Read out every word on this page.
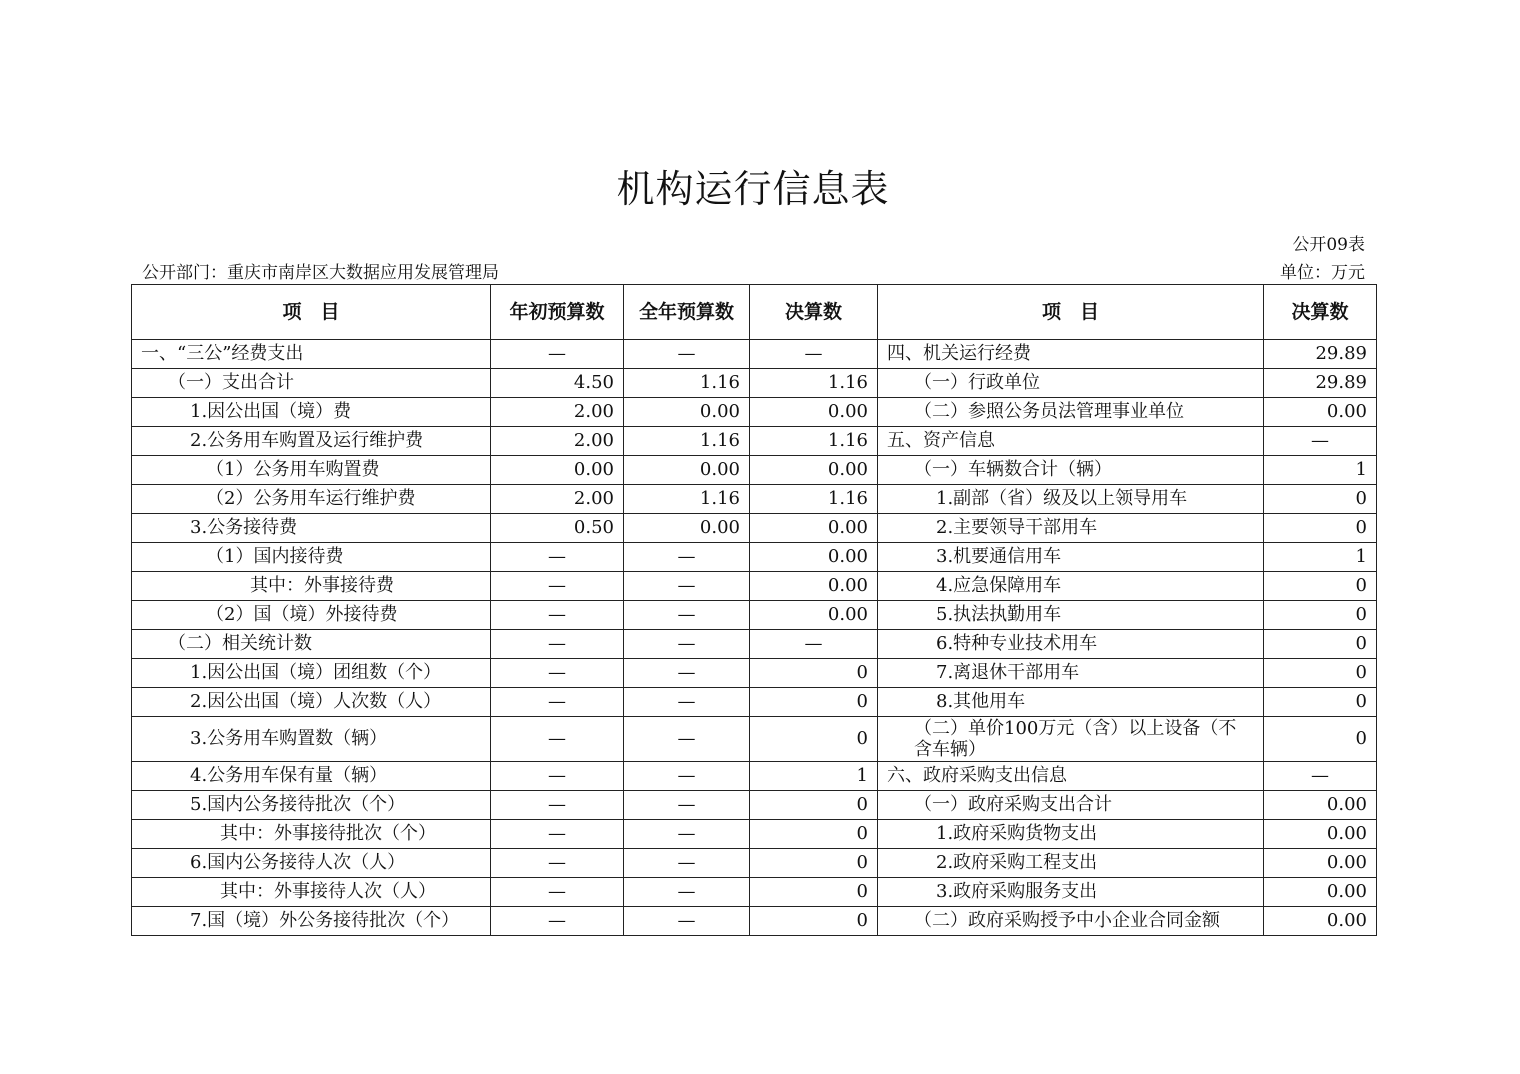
机构运行信息表
公开09表
公开部门：重庆市南岸区大数据应用发展管理局	单位：万元
项　目	年初预算数	全年预算数	决算数	项　目	决算数
一、“三公”经费支出	—	—	—	四、机关运行经费	29.89
（一）支出合计	4.50	1.16	1.16	（一）行政单位	29.89
1.因公出国（境）费	2.00	0.00	0.00	（二）参照公务员法管理事业单位	0.00
2.公务用车购置及运行维护费	2.00	1.16	1.16	五、资产信息	—
（1）公务用车购置费	0.00	0.00	0.00	（一）车辆数合计（辆）	1
（2）公务用车运行维护费	2.00	1.16	1.16	1.副部（省）级及以上领导用车	0
3.公务接待费	0.50	0.00	0.00	2.主要领导干部用车	0
（1）国内接待费	—	—	0.00	3.机要通信用车	1
其中：外事接待费	—	—	0.00	4.应急保障用车	0
（2）国（境）外接待费	—	—	0.00	5.执法执勤用车	0
（二）相关统计数	—	—	—	6.特种专业技术用车	0
1.因公出国（境）团组数（个）	—	—	0	7.离退休干部用车	0
2.因公出国（境）人次数（人）	—	—	0	8.其他用车	0
3.公务用车购置数（辆）	—	—	0	（二）单价100万元（含）以上设备（不含车辆）	0
4.公务用车保有量（辆）	—	—	1	六、政府采购支出信息	—
5.国内公务接待批次（个）	—	—	0	（一）政府采购支出合计	0.00
其中：外事接待批次（个）	—	—	0	1.政府采购货物支出	0.00
6.国内公务接待人次（人）	—	—	0	2.政府采购工程支出	0.00
其中：外事接待人次（人）	—	—	0	3.政府采购服务支出	0.00
7.国（境）外公务接待批次（个）	—	—	0	（二）政府采购授予中小企业合同金额	0.00
